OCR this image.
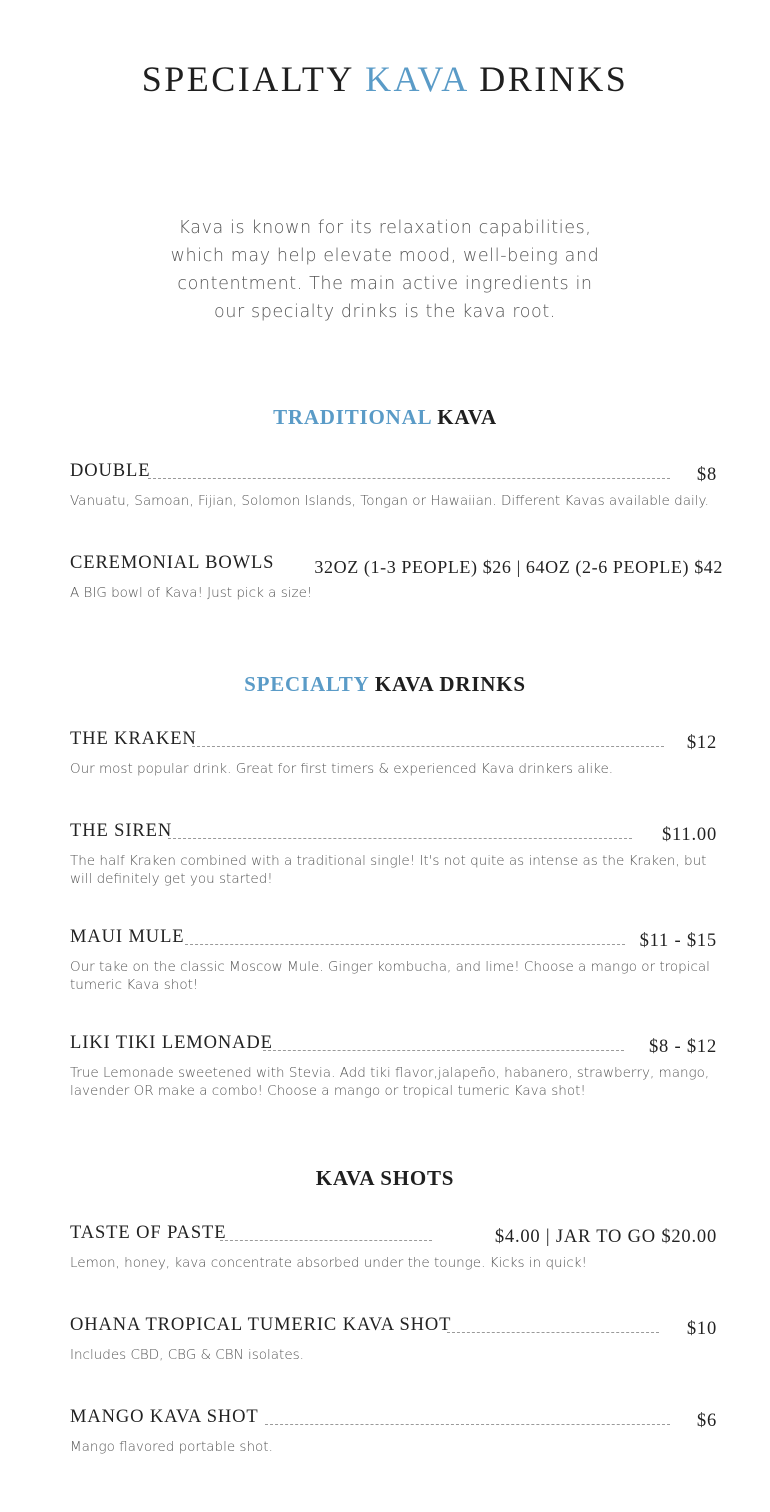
SPECIALTY KAVA DRINKS

Kava is known for its relaxation capabilities, which may help elevate mood, well-being and contentment. The main active ingredients in our specialty drinks is the kava root.

TRADITIONAL KAVA
DOUBLE	$8
Vanuatu, Samoan, Fijian, Solomon Islands, Tongan or Hawaiian. Different Kavas available daily.
CEREMONIAL BOWLS 32OZ (1-3 PEOPLE) $26 | 64OZ (2-6 PEOPLE) $42
A BIG bowl of Kava! Just pick a size!
SPECIALTY KAVA DRINKS
THE KRAKEN	$12
Our most popular drink. Great for first timers & experienced Kava drinkers alike.
THE SIREN	$11.00
The half Kraken combined with a traditional single! It's not quite as intense as the Kraken, but will definitely get you started!
MAUI MULE	$11 - $15
Our take on the classic Moscow Mule. Ginger kombucha, and lime! Choose a mango or tropical tumeric Kava shot!
LIKI TIKI LEMONADE	$8 - $12
True Lemonade sweetened with Stevia. Add tiki flavor,jalapeño, habanero, strawberry, mango, lavender OR make a combo! Choose a mango or tropical tumeric Kava shot!
KAVA SHOTS
TASTE OF PASTE	$4.00 | JAR TO GO $20.00
Lemon, honey, kava concentrate absorbed under the tounge. Kicks in quick!
OHANA TROPICAL TUMERIC KAVA SHOT	$10
Includes CBD, CBG & CBN isolates.
MANGO KAVA SHOT	$6
Mango flavored portable shot.
